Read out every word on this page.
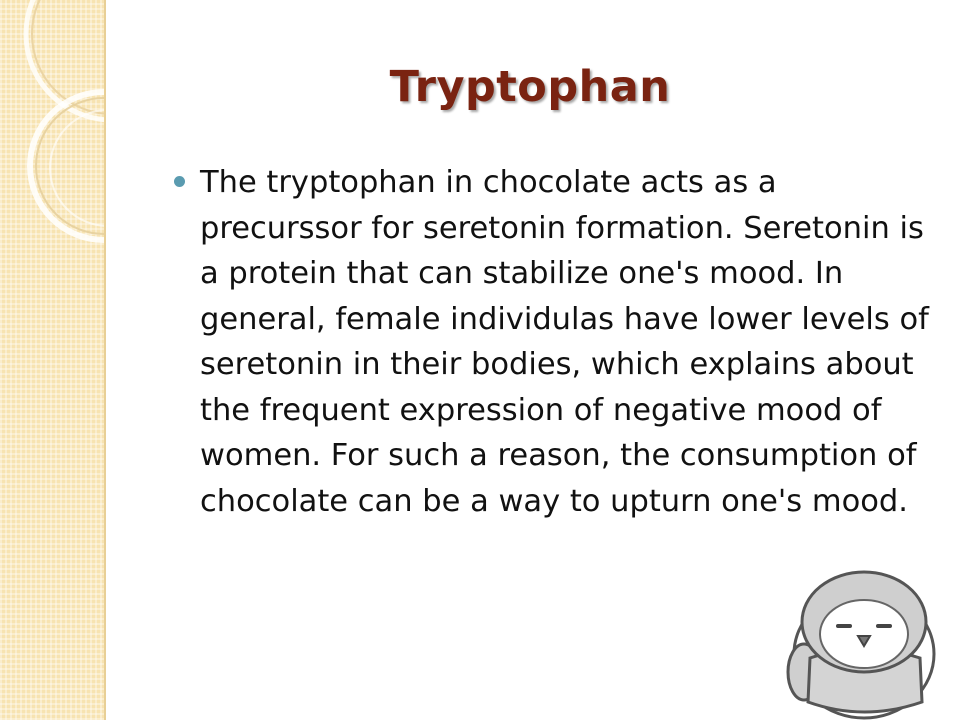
Tryptophan
The tryptophan in chocolate acts as a precurssor for seretonin formation. Seretonin is a protein that can stabilize one's mood. In general, female individulas have lower levels of seretonin in their bodies, which explains about the frequent expression of negative mood of women. For such a reason, the consumption of chocolate can be a way to upturn one's mood.
